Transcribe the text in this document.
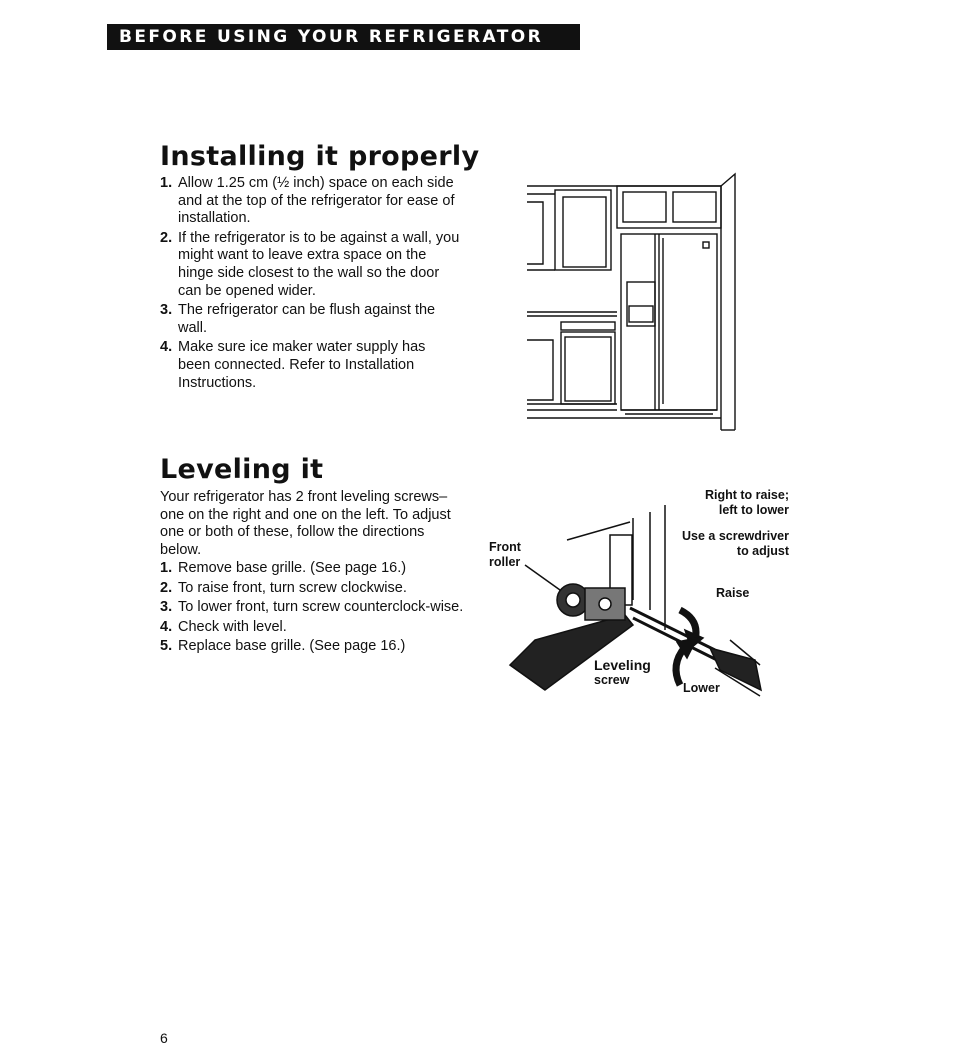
BEFORE USING YOUR REFRIGERATOR
Installing it properly
1. Allow 1.25 cm (½ inch) space on each side and at the top of the refrigerator for ease of installation.
2. If the refrigerator is to be against a wall, you might want to leave extra space on the hinge side closest to the wall so the door can be opened wider.
3. The refrigerator can be flush against the wall.
4. Make sure ice maker water supply has been connected. Refer to Installation Instructions.
Leveling it

Your refrigerator has 2 front leveling screws–one on the right and one on the left. To adjust one or both of these, follow the directions below.

1. Remove base grille. (See page 16.)
2. To raise front, turn screw clockwise.
3. To lower front, turn screw counterclock-wise.
4. Check with level.
5. Replace base grille. (See page 16.)
Right to raise;
left to lower
Use a screwdriver
to adjust
Front
roller
Raise
Leveling
screw
Lower
6
